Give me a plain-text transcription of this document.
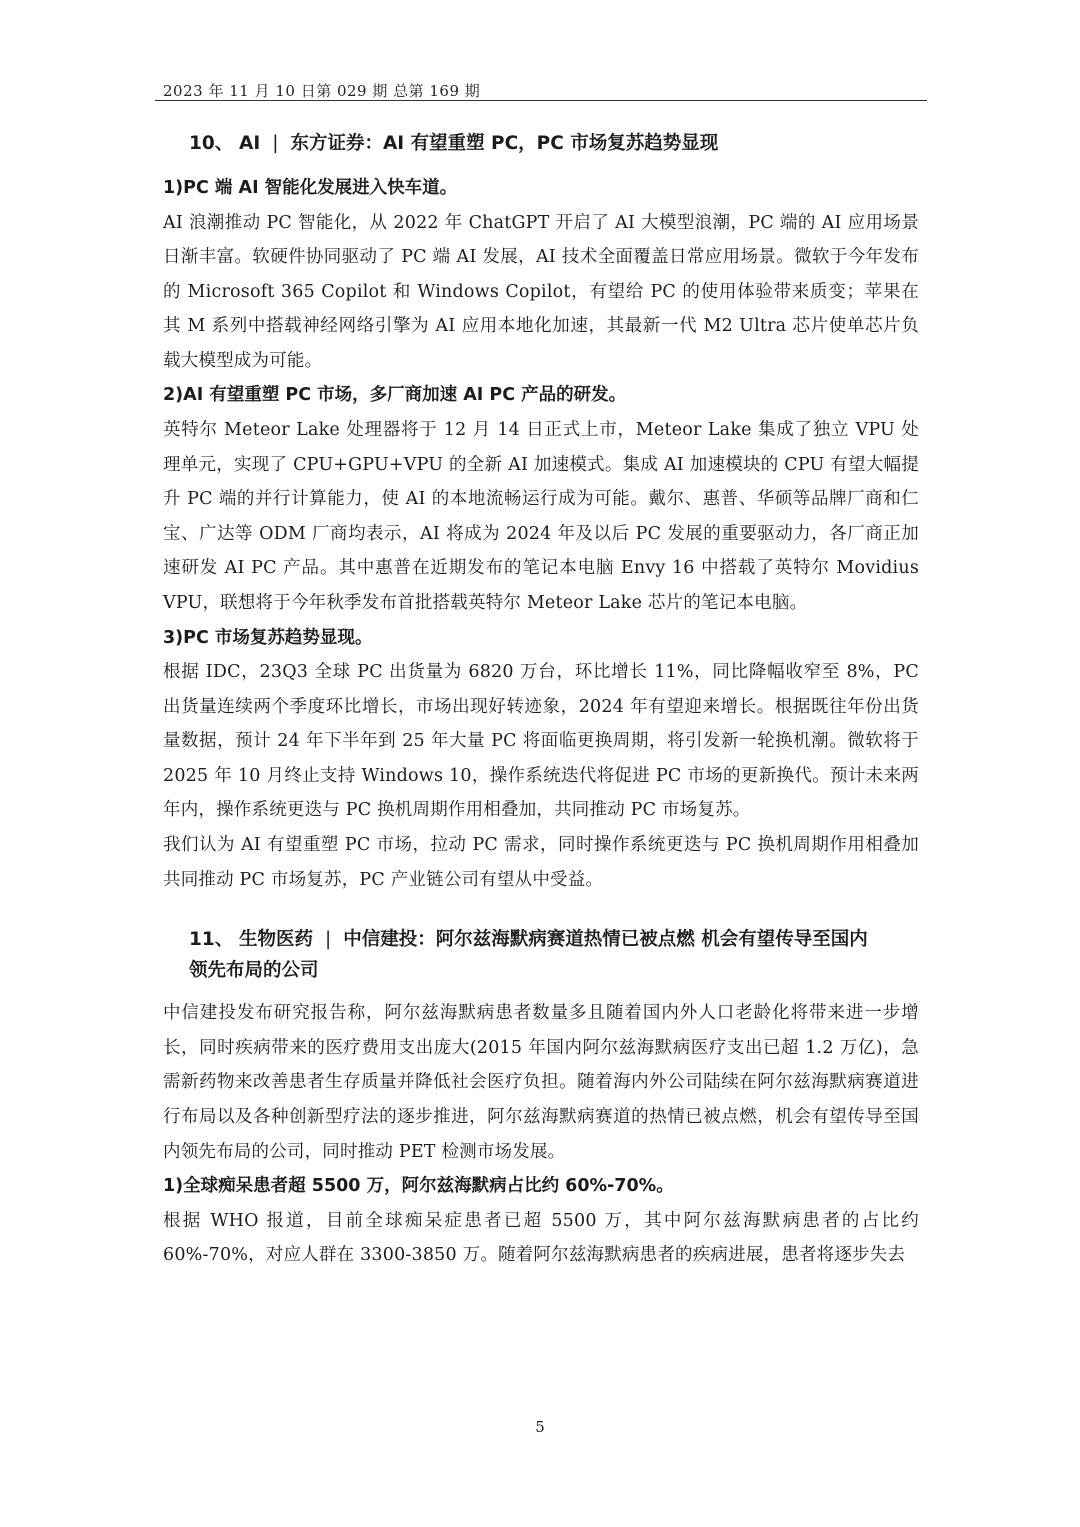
2023 年 11 月 10 日第 029 期 总第 169 期
10、 AI | 东方证券：AI 有望重塑 PC，PC 市场复苏趋势显现

1)PC 端 AI 智能化发展进入快车道。

AI 浪潮推动 PC 智能化，从 2022 年 ChatGPT 开启了 AI 大模型浪潮，PC 端的 AI 应用场景日渐丰富。软硬件协同驱动了 PC 端 AI 发展，AI 技术全面覆盖日常应用场景。微软于今年发布的 Microsoft 365 Copilot 和 Windows Copilot，有望给 PC 的使用体验带来质变；苹果在其 M 系列中搭载神经网络引擎为 AI 应用本地化加速，其最新一代 M2 Ultra 芯片使单芯片负载大模型成为可能。

2)AI 有望重塑 PC 市场，多厂商加速 AI PC 产品的研发。

英特尔 Meteor Lake 处理器将于 12 月 14 日正式上市，Meteor Lake 集成了独立 VPU 处理单元，实现了 CPU+GPU+VPU 的全新 AI 加速模式。集成 AI 加速模块的 CPU 有望大幅提升 PC 端的并行计算能力，使 AI 的本地流畅运行成为可能。戴尔、惠普、华硕等品牌厂商和仁宝、广达等 ODM 厂商均表示，AI 将成为 2024 年及以后 PC 发展的重要驱动力，各厂商正加速研发 AI PC 产品。其中惠普在近期发布的笔记本电脑 Envy 16 中搭载了英特尔 Movidius VPU，联想将于今年秋季发布首批搭载英特尔 Meteor Lake 芯片的笔记本电脑。

3)PC 市场复苏趋势显现。

根据 IDC，23Q3 全球 PC 出货量为 6820 万台，环比增长 11%，同比降幅收窄至 8%，PC 出货量连续两个季度环比增长，市场出现好转迹象，2024 年有望迎来增长。根据既往年份出货量数据，预计 24 年下半年到 25 年大量 PC 将面临更换周期，将引发新一轮换机潮。微软将于 2025 年 10 月终止支持 Windows 10，操作系统迭代将促进 PC 市场的更新换代。预计未来两年内，操作系统更迭与 PC 换机周期作用相叠加，共同推动 PC 市场复苏。

我们认为 AI 有望重塑 PC 市场，拉动 PC 需求，同时操作系统更迭与 PC 换机周期作用相叠加共同推动 PC 市场复苏，PC 产业链公司有望从中受益。

11、 生物医药 | 中信建投：阿尔兹海默病赛道热情已被点燃 机会有望传导至国内
领先布局的公司

中信建投发布研究报告称，阿尔兹海默病患者数量多且随着国内外人口老龄化将带来进一步增长，同时疾病带来的医疗费用支出庞大(2015 年国内阿尔兹海默病医疗支出已超 1.2 万亿)，急需新药物来改善患者生存质量并降低社会医疗负担。随着海内外公司陆续在阿尔兹海默病赛道进行布局以及各种创新型疗法的逐步推进，阿尔兹海默病赛道的热情已被点燃，机会有望传导至国内领先布局的公司，同时推动 PET 检测市场发展。

1)全球痴呆患者超 5500 万，阿尔兹海默病占比约 60%-70%。

根据 WHO 报道，目前全球痴呆症患者已超 5500 万，其中阿尔兹海默病患者的占比约 60%-70%，对应人群在 3300-3850 万。随着阿尔兹海默病患者的疾病进展，患者将逐步失去

5
